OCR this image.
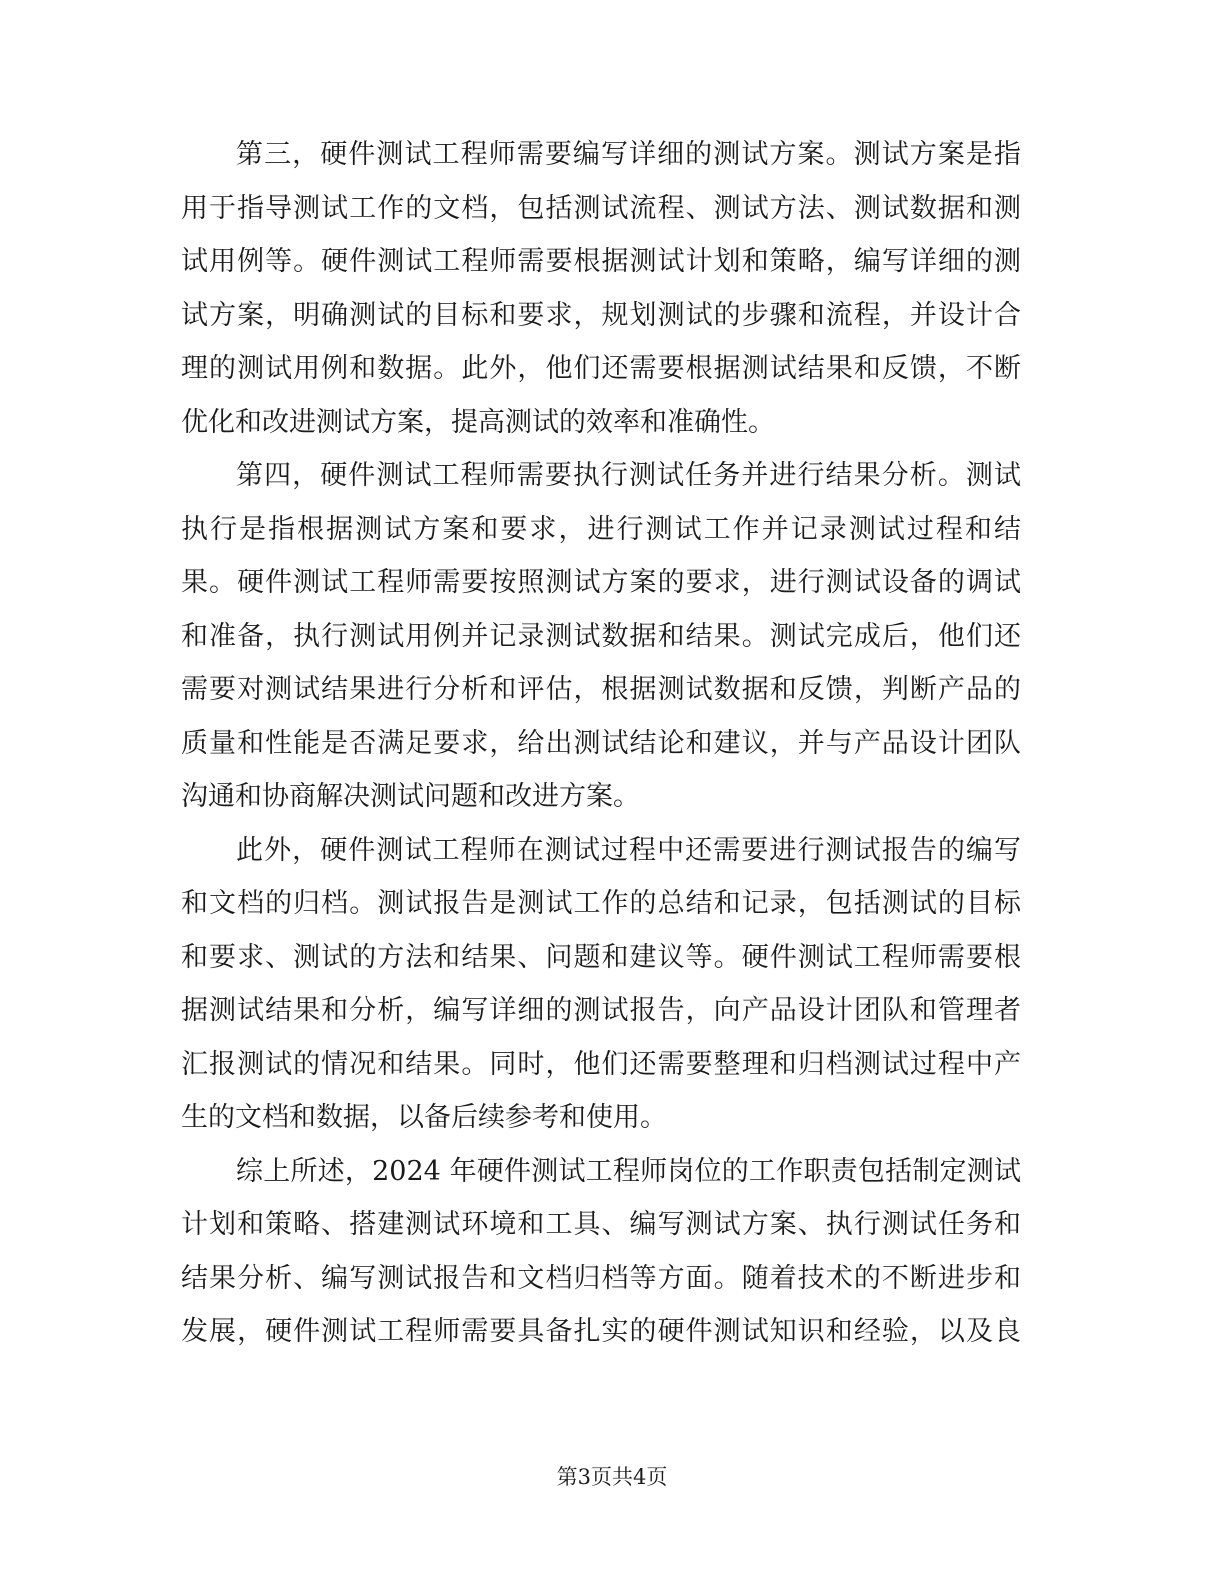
第三，硬件测试工程师需要编写详细的测试方案。测试方案是指
用于指导测试工作的文档，包括测试流程、测试方法、测试数据和测
试用例等。硬件测试工程师需要根据测试计划和策略，编写详细的测
试方案，明确测试的目标和要求，规划测试的步骤和流程，并设计合
理的测试用例和数据。此外，他们还需要根据测试结果和反馈，不断
优化和改进测试方案，提高测试的效率和准确性。
第四，硬件测试工程师需要执行测试任务并进行结果分析。测试
执行是指根据测试方案和要求，进行测试工作并记录测试过程和结
果。硬件测试工程师需要按照测试方案的要求，进行测试设备的调试
和准备，执行测试用例并记录测试数据和结果。测试完成后，他们还
需要对测试结果进行分析和评估，根据测试数据和反馈，判断产品的
质量和性能是否满足要求，给出测试结论和建议，并与产品设计团队
沟通和协商解决测试问题和改进方案。
此外，硬件测试工程师在测试过程中还需要进行测试报告的编写
和文档的归档。测试报告是测试工作的总结和记录，包括测试的目标
和要求、测试的方法和结果、问题和建议等。硬件测试工程师需要根
据测试结果和分析，编写详细的测试报告，向产品设计团队和管理者
汇报测试的情况和结果。同时，他们还需要整理和归档测试过程中产
生的文档和数据，以备后续参考和使用。
综上所述，2024 年硬件测试工程师岗位的工作职责包括制定测试
计划和策略、搭建测试环境和工具、编写测试方案、执行测试任务和
结果分析、编写测试报告和文档归档等方面。随着技术的不断进步和
发展，硬件测试工程师需要具备扎实的硬件测试知识和经验，以及良
第3页共4页
